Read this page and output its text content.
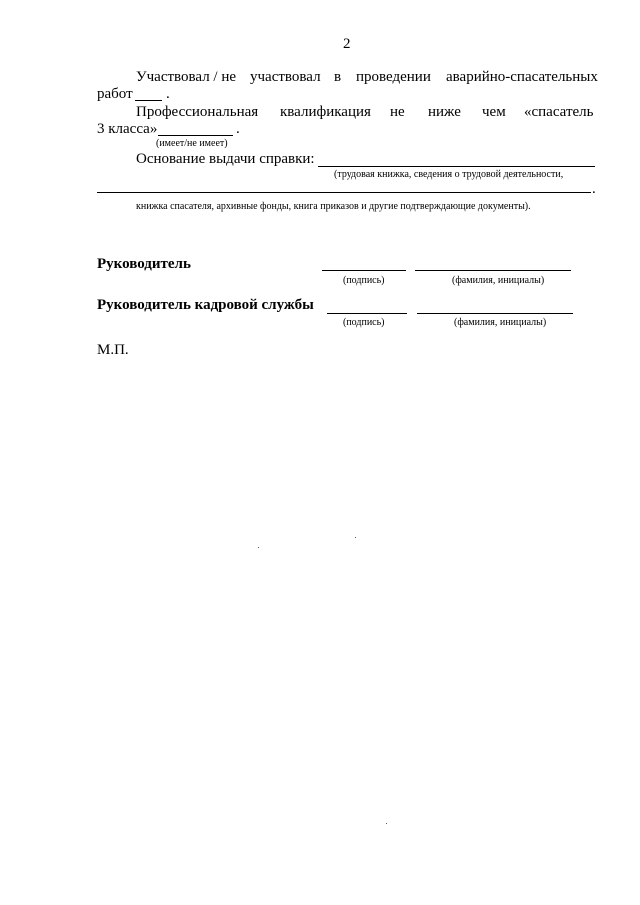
2
Участвовал / не участвовал в проведении аварийно-спасательных
работ .
Профессиональная квалификация не ниже чем «спасатель
3 класса»	.
(имеет/не имеет)
Основание выдачи справки:
(трудовая книжка, сведения о трудовой деятельности,
.
книжка спасателя, архивные фонды, книга приказов и другие подтверждающие документы).
Руководитель
(подпись)	(фамилия, инициалы)
Руководитель кадровой службы
(подпись)	(фамилия, инициалы)
М.П.
